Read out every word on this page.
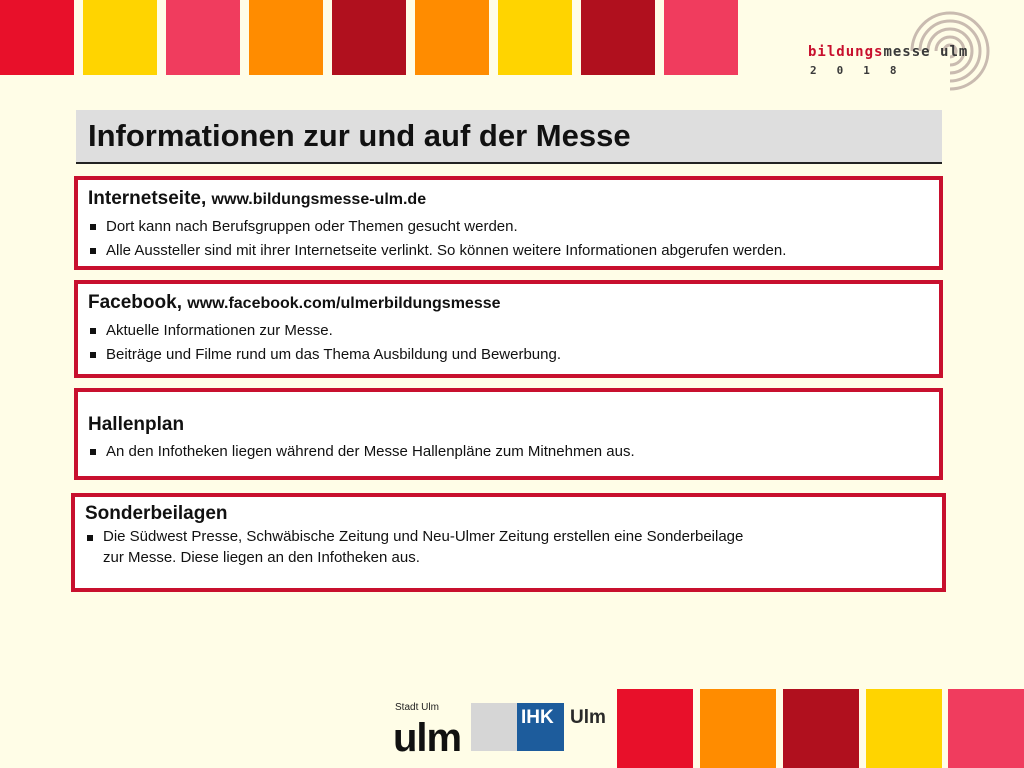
bildungsmesse ulm
2018
Informationen zur und auf der Messe
Internetseite, www.bildungsmesse-ulm.de
Dort kann nach Berufsgruppen oder Themen gesucht werden.
Alle Aussteller sind mit ihrer Internetseite verlinkt. So können weitere Informationen abgerufen werden.
Facebook, www.facebook.com/ulmerbildungsmesse
Aktuelle Informationen zur Messe.
Beiträge und Filme rund um das Thema Ausbildung und Bewerbung.
Hallenplan
An den Infotheken liegen während der Messe Hallenpläne zum Mitnehmen aus.
Sonderbeilagen
Die Südwest Presse, Schwäbische Zeitung und Neu-Ulmer Zeitung erstellen eine Sonderbeilage
zur Messe. Diese liegen an den Infotheken aus.
Stadt Ulm
ulm	IHK Ulm
